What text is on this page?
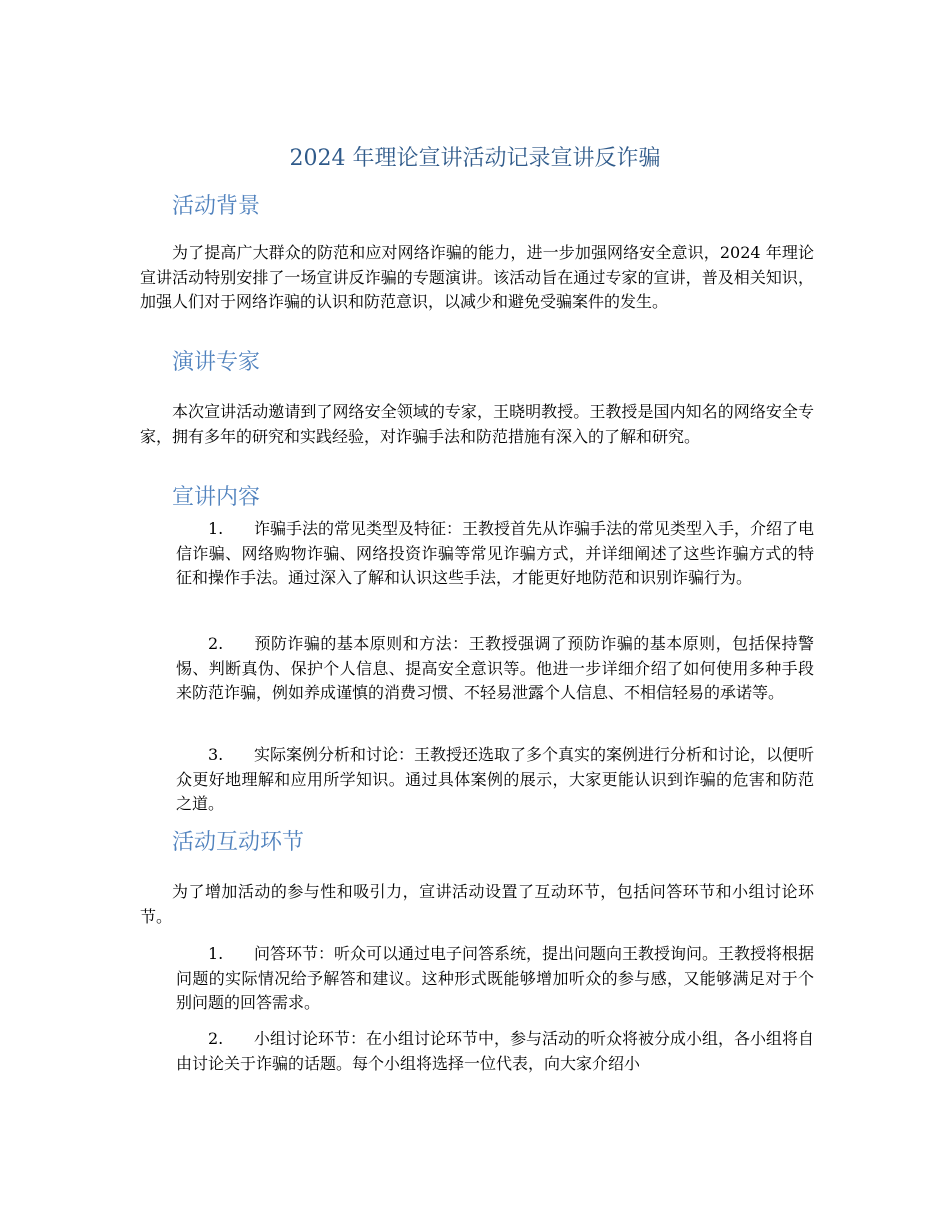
2024 年理论宣讲活动记录宣讲反诈骗
活动背景

为了提高广大群众的防范和应对网络诈骗的能力，进一步加强网络安全意识，2024 年理论宣讲活动特别安排了一场宣讲反诈骗的专题演讲。该活动旨在通过专家的宣讲，普及相关知识，加强人们对于网络诈骗的认识和防范意识，以减少和避免受骗案件的发生。

演讲专家

本次宣讲活动邀请到了网络安全领域的专家，王晓明教授。王教授是国内知名的网络安全专家，拥有多年的研究和实践经验，对诈骗手法和防范措施有深入的了解和研究。

宣讲内容
1. 诈骗手法的常见类型及特征：王教授首先从诈骗手法的常见类型入手，介绍了电信诈骗、网络购物诈骗、网络投资诈骗等常见诈骗方式，并详细阐述了这些诈骗方式的特征和操作手法。通过深入了解和认识这些手法，才能更好地防范和识别诈骗行为。
2. 预防诈骗的基本原则和方法：王教授强调了预防诈骗的基本原则，包括保持警惕、判断真伪、保护个人信息、提高安全意识等。他进一步详细介绍了如何使用多种手段来防范诈骗，例如养成谨慎的消费习惯、不轻易泄露个人信息、不相信轻易的承诺等。
3. 实际案例分析和讨论：王教授还选取了多个真实的案例进行分析和讨论，以便听众更好地理解和应用所学知识。通过具体案例的展示，大家更能认识到诈骗的危害和防范之道。
活动互动环节

为了增加活动的参与性和吸引力，宣讲活动设置了互动环节，包括问答环节和小组讨论环节。

1. 问答环节：听众可以通过电子问答系统，提出问题向王教授询问。王教授将根据问题的实际情况给予解答和建议。这种形式既能够增加听众的参与感，又能够满足对于个别问题的回答需求。
2. 小组讨论环节：在小组讨论环节中，参与活动的听众将被分成小组，各小组将自由讨论关于诈骗的话题。每个小组将选择一位代表，向大家介绍小
